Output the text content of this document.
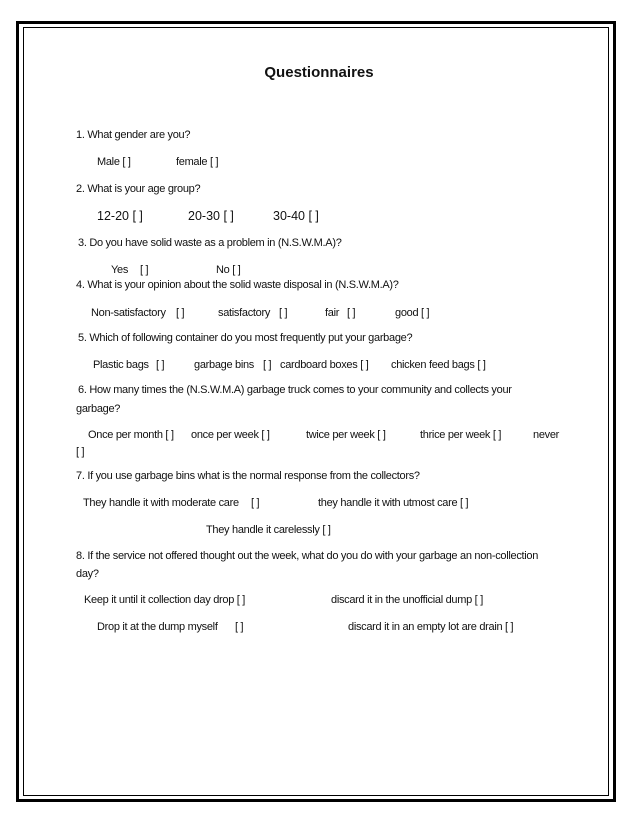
Questionnaires
1. What gender are you?
Male [ ]	female [ ]
2. What is your age group?
12-20 [ ]	20-30 [ ]	30-40 [ ]
3. Do you have solid waste as a problem in (N.S.W.M.A)?
Yes [ ]	No [ ]
4. What is your opinion about the solid waste disposal in (N.S.W.M.A)?
Non-satisfactory [ ]	satisfactory [ ]	fair [ ]	good [ ]
5. Which of following container do you most frequently put your garbage?
Plastic bags [ ]	garbage bins [ ] cardboard boxes [ ] chicken feed bags [ ]
6. How many times the (N.S.W.M.A) garbage truck comes to your community and collects your
garbage?
Once per month [ ] once per week [ ]	twice per week [ ]	thrice per week [ ]	never
[ ]
7. If you use garbage bins what is the normal response from the collectors?
They handle it with moderate care [ ]	they handle it with utmost care [ ]
They handle it carelessly [ ]
8. If the service not offered thought out the week, what do you do with your garbage an non-collection
day?
Keep it until it collection day drop [ ]	discard it in the unofficial dump [ ]
Drop it at the dump myself [ ]	discard it in an empty lot are drain [ ]
